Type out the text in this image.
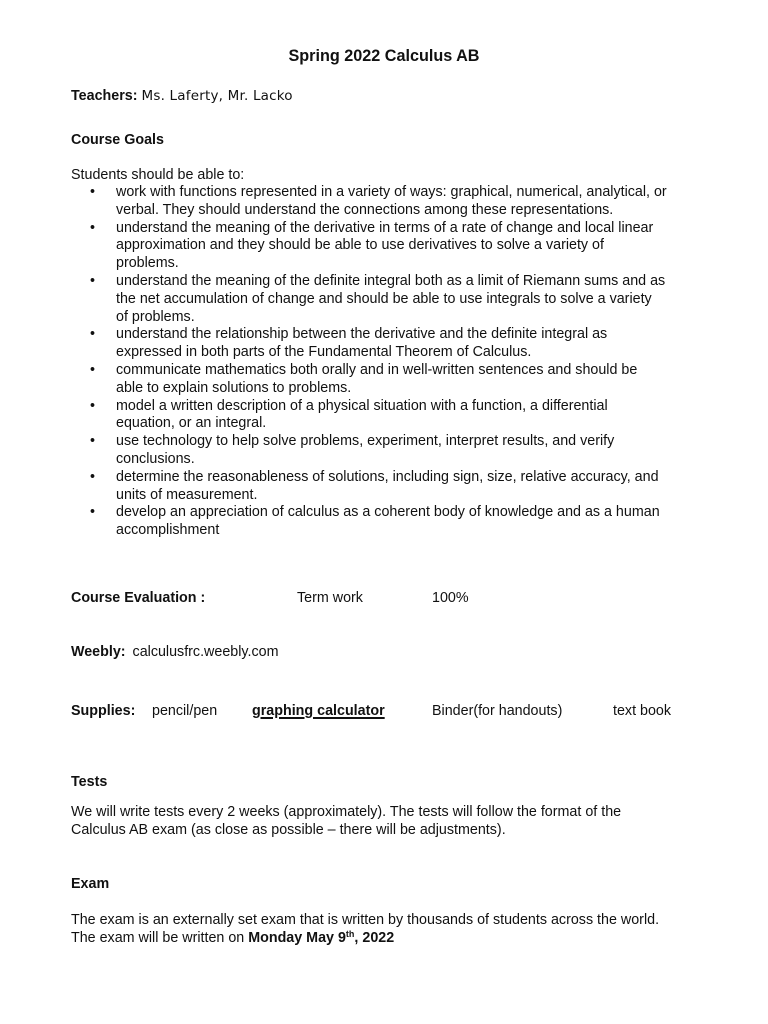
Spring 2022 Calculus AB
Teachers: Ms. Laferty, Mr. Lacko
Course Goals
Students should be able to:
• work with functions represented in a variety of ways: graphical, numerical, analytical, or
verbal. They should understand the connections among these representations.
• understand the meaning of the derivative in terms of a rate of change and local linear
approximation and they should be able to use derivatives to solve a variety of
problems.
• understand the meaning of the definite integral both as a limit of Riemann sums and as
the net accumulation of change and should be able to use integrals to solve a variety
of problems.
• understand the relationship between the derivative and the definite integral as
expressed in both parts of the Fundamental Theorem of Calculus.
• communicate mathematics both orally and in well-written sentences and should be
able to explain solutions to problems.
• model a written description of a physical situation with a function, a differential
equation, or an integral.
• use technology to help solve problems, experiment, interpret results, and verify
conclusions.
• determine the reasonableness of solutions, including sign, size, relative accuracy, and
units of measurement.
• develop an appreciation of calculus as a coherent body of knowledge and as a human
accomplishment
Course Evaluation :	Term work	100%
Weebly: calculusfrc.weebly.com
Supplies: pencil/pen graphing calculator	Binder(for handouts)	text book
Tests
We will write tests every 2 weeks (approximately). The tests will follow the format of the
Calculus AB exam (as close as possible – there will be adjustments).
Exam
The exam is an externally set exam that is written by thousands of students across the world.
The exam will be written on Monday May 9th, 2022
